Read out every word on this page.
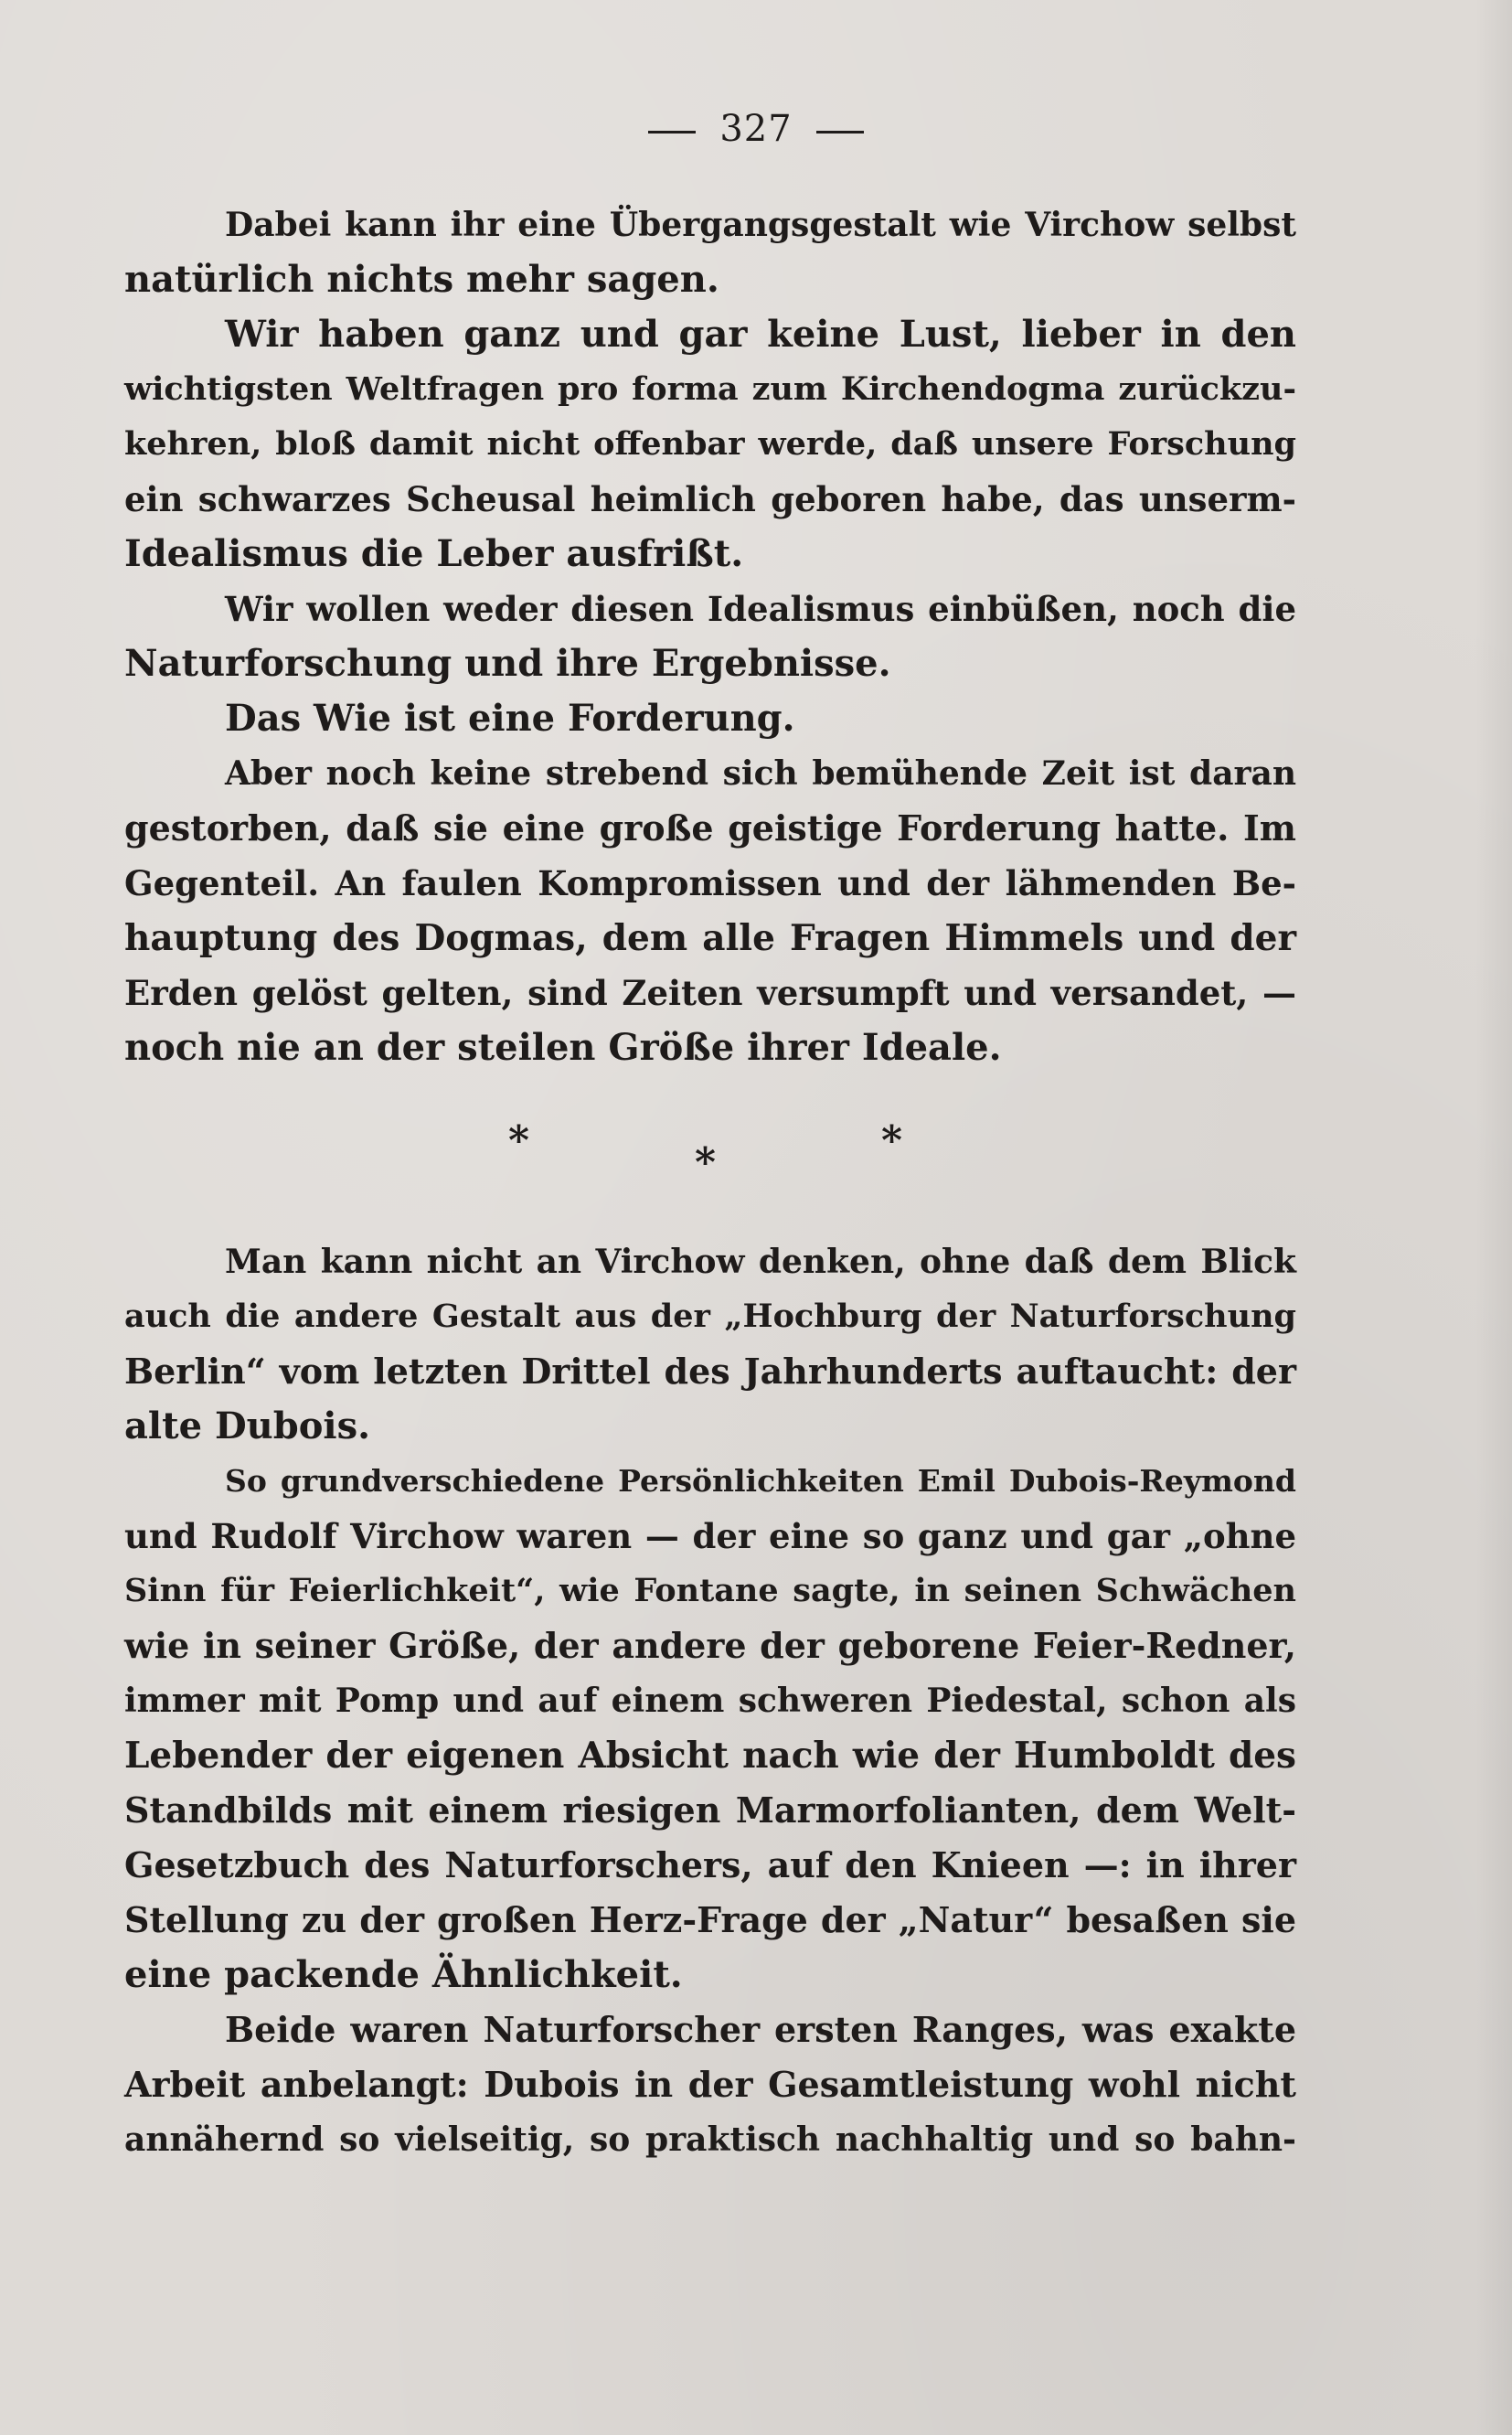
327
Dabei kann ihr eine Übergangsgestalt wie Virchow selbst
natürlich nichts mehr sagen.
Wir haben ganz und gar keine Lust, lieber in den
wichtigsten Weltfragen pro forma zum Kirchendogma zurückzu-
kehren, bloß damit nicht offenbar werde, daß unsere Forschung
ein schwarzes Scheusal heimlich geboren habe, das unserm-
Idealismus die Leber ausfrißt.
Wir wollen weder diesen Idealismus einbüßen, noch die
Naturforschung und ihre Ergebnisse.
Das Wie ist eine Forderung.
Aber noch keine strebend sich bemühende Zeit ist daran
gestorben, daß sie eine große geistige Forderung hatte. Im
Gegenteil. An faulen Kompromissen und der lähmenden Be-
hauptung des Dogmas, dem alle Fragen Himmels und der
Erden gelöst gelten, sind Zeiten versumpft und versandet, —
noch nie an der steilen Größe ihrer Ideale.
*	*	*
Man kann nicht an Virchow denken, ohne daß dem Blick
auch die andere Gestalt aus der „Hochburg der Naturforschung
Berlin“ vom letzten Drittel des Jahrhunderts auftaucht: der
alte Dubois.
So grundverschiedene Persönlichkeiten Emil Dubois-Reymond
und Rudolf Virchow waren — der eine so ganz und gar „ohne
Sinn für Feierlichkeit“, wie Fontane sagte, in seinen Schwächen
wie in seiner Größe, der andere der geborene Feier-Redner,
immer mit Pomp und auf einem schweren Piedestal, schon als
Lebender der eigenen Absicht nach wie der Humboldt des
Standbilds mit einem riesigen Marmorfolianten, dem Welt-
Gesetzbuch des Naturforschers, auf den Knieen —: in ihrer
Stellung zu der großen Herz-Frage der „Natur“ besaßen sie
eine packende Ähnlichkeit.
Beide waren Naturforscher ersten Ranges, was exakte
Arbeit anbelangt: Dubois in der Gesamtleistung wohl nicht
annähernd so vielseitig, so praktisch nachhaltig und so bahn-
